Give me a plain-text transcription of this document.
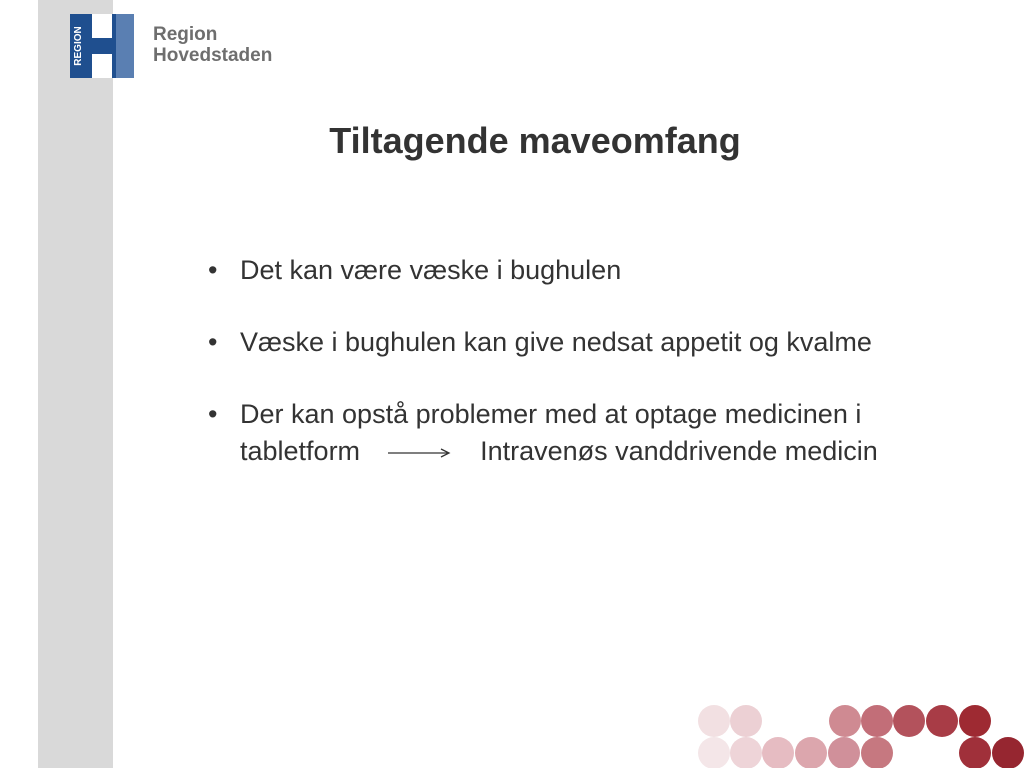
REGION	Region
Hovedstaden
Tiltagende maveomfang
• Det kan være væske i bughulen
• Væske i bughulen kan give nedsat appetit og kvalme
• Der kan opstå problemer med at optage medicinen i tabletform	Intravenøs vanddrivende medicin
